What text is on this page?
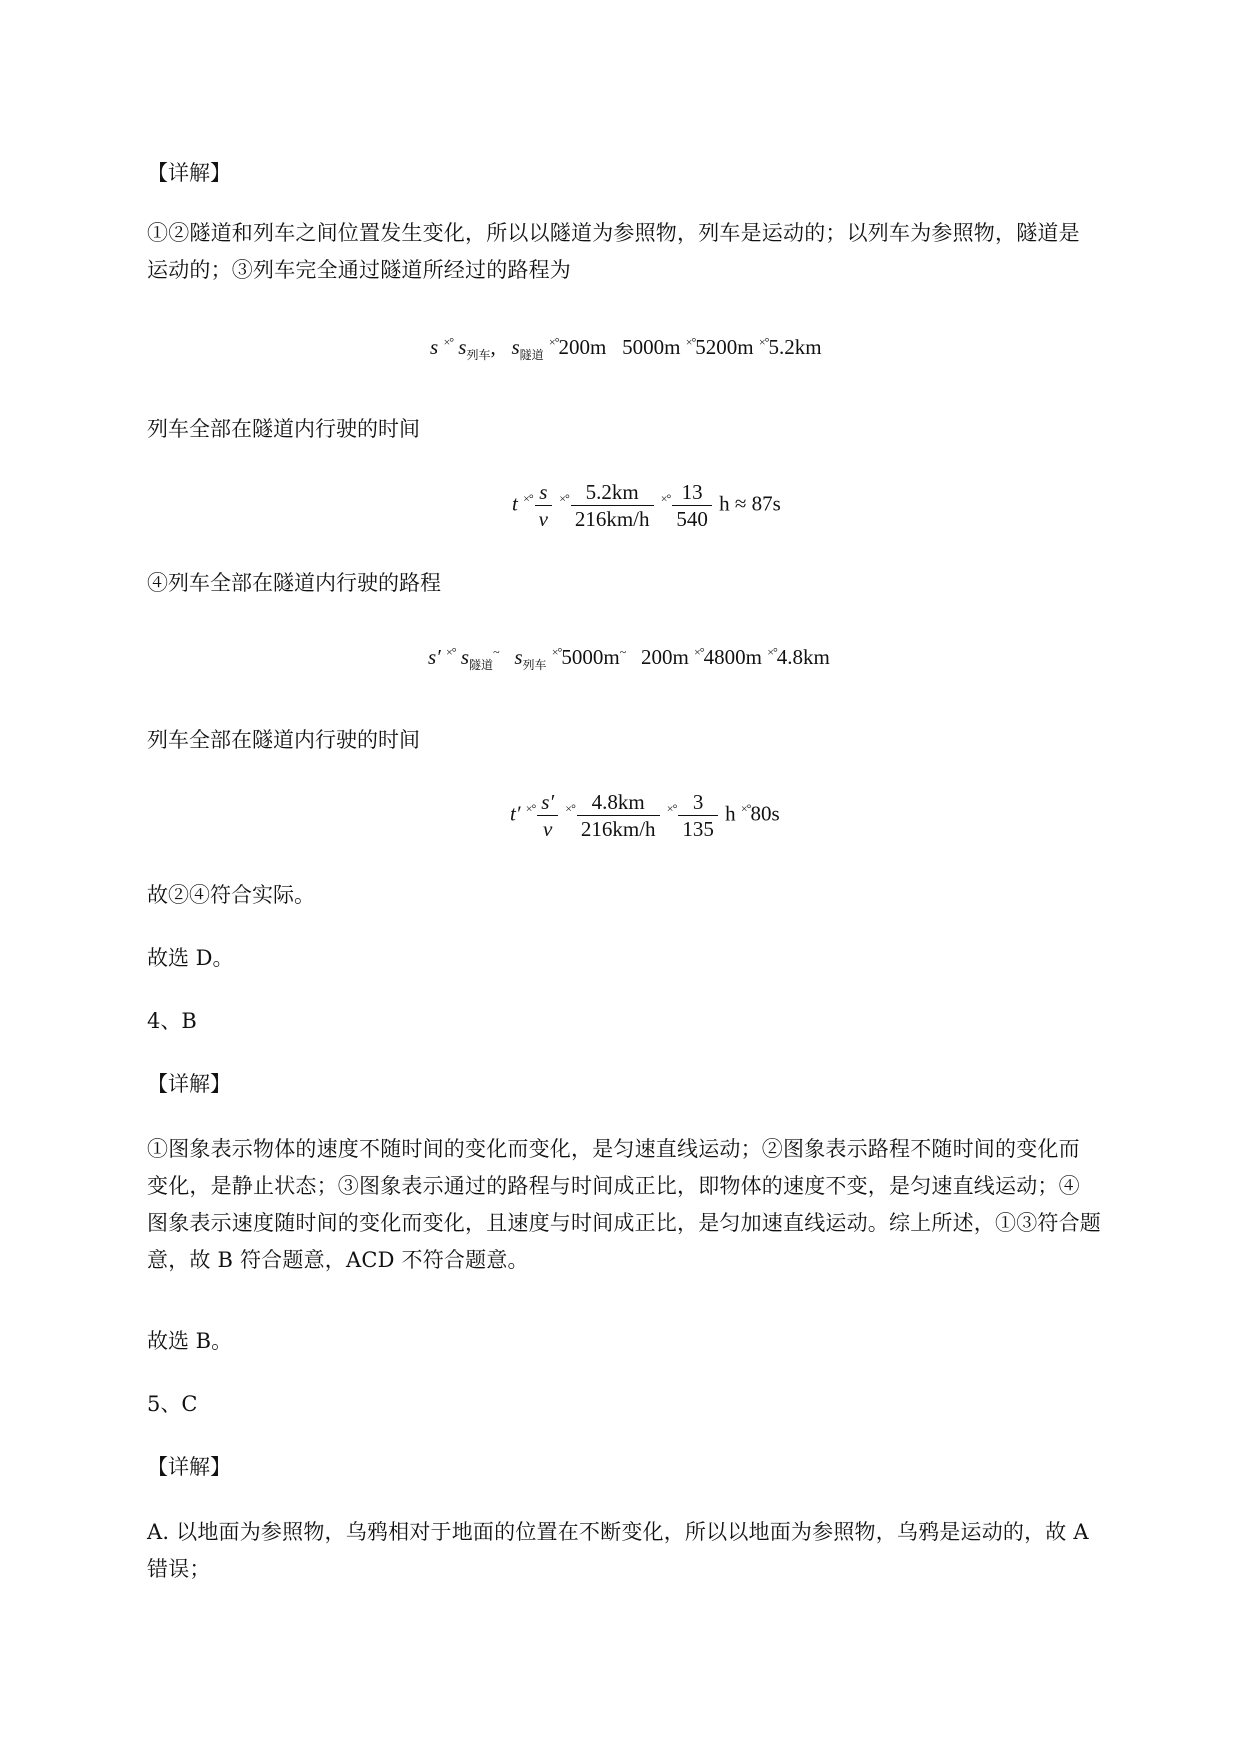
【详解】
①②隧道和列车之间位置发生变化，所以以隧道为参照物，列车是运动的；以列车为参照物，隧道是
运动的；③列车完全通过隧道所经过的路程为
s ×° $s_{列车}$, $s_{隧道}$ ×°200m 5000m ×°5200m ×°5.2km
列车全部在隧道内行驶的时间
t $^{\times^\circ} \frac{s}{v} ^{\times^\circ} \frac{5.2km}{216km/h} ^{\times^\circ} \frac{13}{540}$ h ≈ 87s
④列车全部在隧道内行驶的路程
s′ ×° $s_{隧道}^\sim$ $s_{列车}$ ×°5000m~ 200m ×°4800m ×°4.8km
列车全部在隧道内行驶的时间
t′ $^{\times^\circ} \frac{s'}{v} ^{\times^\circ} \frac{4.8km}{216km/h} ^{\times^\circ} \frac{3}{135}$ h ×°80s
故②④符合实际。
故选 D。
4、B
【详解】
①图象表示物体的速度不随时间的变化而变化，是匀速直线运动；②图象表示路程不随时间的变化而
变化，是静止状态；③图象表示通过的路程与时间成正比，即物体的速度不变，是匀速直线运动；④
图象表示速度随时间的变化而变化，且速度与时间成正比，是匀加速直线运动。综上所述，①③符合题
意，故 B 符合题意，ACD 不符合题意。
故选 B。
5、C
【详解】
A. 以地面为参照物，乌鸦相对于地面的位置在不断变化，所以以地面为参照物，乌鸦是运动的，故 A
错误；
